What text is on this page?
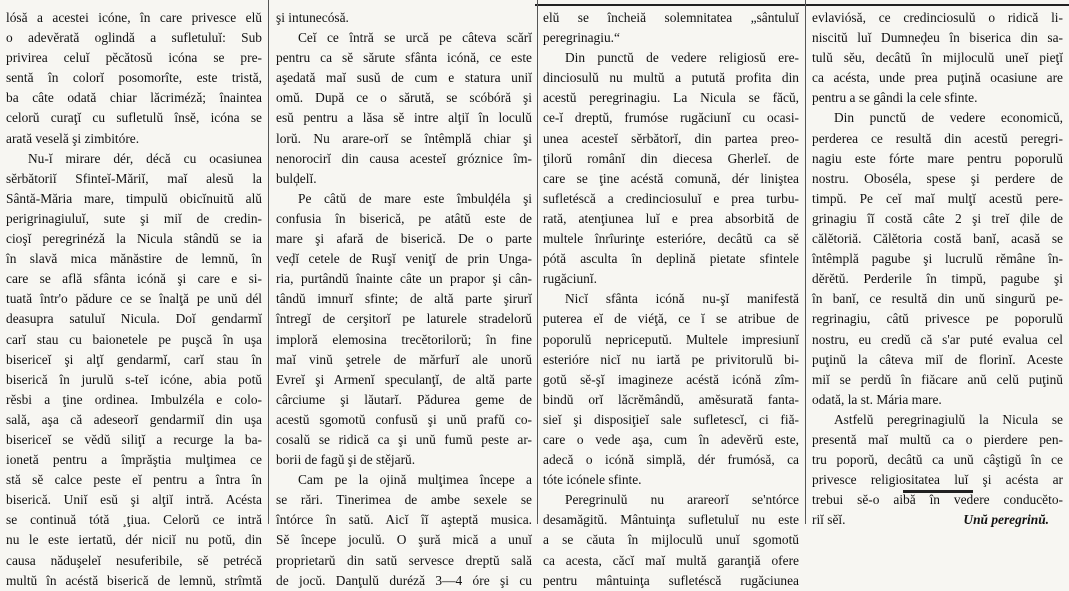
lósă a acestei icóne, în care privesce elŭ
o adevĕrată oglindă a sufletuluĭ: Sub
privirea celuĭ pĕcătosŭ icóna se pre-
sentă în colorĭ posomorîte, este tristă,
ba câte odată chiar lăcrimézǎ; înaintea
celorŭ curaţĭ cu sufletulŭ însĕ, icóna se
arată veselă şi zimbitóre.
Nu-ĭ mirare dér, décă cu ocasiunea
sĕrbătoriĭ Sfinteĭ-Măriĭ, maĭ alesŭ la
Sântă-Măria mare, timpulŭ obicĭnuitŭ alŭ
perigrinagiuluĭ, sute şi miĭ de credin-
cioşĭ peregrinézǎ la Nicula stândŭ se ia
în slavă mica mănăstire de lemnŭ, în
care se află sfânta icónă şi care e si-
tuată într'o pădure ce se înalţă pe unŭ dél
deasupra satuluĭ Nicula. Doĭ gendarmĭ
carĭ stau cu baionetele pe puşcă în uşa
bisericeĭ şi alţĭ gendarmĭ, carĭ stau în
biserică în jurulŭ s-teĭ icóne, abia potŭ
rĕsbi a ţine ordinea. Imbulzéla e colo-
sală, aşa că adeseorĭ gendarmiĭ din uşa
bisericeĭ se vĕdŭ siliţĭ a recurge la ba-
ionetă pentru a împrăştia mulţimea ce
stă sĕ calce peste eĭ pentru a întra în
biserică. Uniĭ esŭ şi alţiĭ intră. Acésta
se continuă tótă ¸ţiua. Celorŭ ce intră
nu le este iertatŭ, dér niciĭ nu potŭ, din
causa năduşeleĭ nesuferibile, sĕ petrécă
multŭ în acéstă biserică de lemnŭ, strîmtă
şi intunecósă.
Ceĭ ce întră se urcă pe câteva scărĭ
pentru ca sĕ sărute sfânta icónă, ce este
aşedată maĭ susŭ de cum e statura uniĭ
omŭ. După ce o sărută, se scóbóră şi
esŭ pentru a lăsa sĕ intre alţiĭ în loculŭ
lorŭ. Nu arare-orĭ se întêmplă chiar şi
nenorocirĭ din causa acesteĭ gróznice îm-
bulḑelĭ.
Pe câtŭ de mare este îmbulḑéla şi
confusia în biserică, pe atâtŭ este de
mare şi afară de biserică. De o parte
veḑĭ cetele de Ruşĭ veniţĭ de prin Unga-
ria, purtândŭ înainte câte un prapor şi cân-
tândŭ imnurĭ sfinte; de altă parte şirurĭ
întregĭ de cerşitorĭ pe laturele stradelorŭ
imploră elemosina trecĕtorilorŭ; în fine
maĭ vinŭ şetrele de mărfurĭ ale unorŭ
Evreĭ şi Armenĭ speculanţĭ, de altă parte
cârciume şi lăutarĭ. Pădurea geme de
acestŭ sgomotŭ confusŭ şi unŭ prafŭ co-
cosalŭ se ridică ca şi unŭ fumŭ peste ar-
borii de fagŭ şi de stějarŭ.
Cam pe la ojină mulţimea începe a
se rări. Tinerimea de ambe sexele se
întórce în satŭ. Aicĭ îĭ aşteptă musica.
Sĕ începe joculŭ. O şură mică a unuĭ
proprietarŭ din satŭ servesce dreptŭ sală
de jocŭ. Danţulŭ durézǎ 3—4 óre şi cu
elŭ se încheiă solemnitatea „sântuluĭ
peregrinagiu.“
Din punctŭ de vedere religiosŭ ere-
dinciosulŭ nu multŭ a putută profita din
acestŭ peregrinagiu. La Nicula se făcŭ,
ce-ĭ dreptŭ, frumóse rugăciunĭ cu ocasi-
unea acesteĭ sĕrbătorĭ, din partea preo-
ţilorŭ românĭ din diecesa Gherleĭ. de
care se ţine acéstă comună, dér liniştea
sufletéscă a credinciosuluĭ e prea turbu-
rată, atenţiunea luĭ e prea absorbită de
multele înrîurinţe esterióre, decâtŭ ca sĕ
pótă asculta în deplină pietate sfintele
rugăciunĭ.
Nicĭ sfânta icónă nu-şĭ manifestă
puterea eĭ de viéţă, ce ĭ se atribue de
poporulŭ nepriceputŭ. Multele impresiunĭ
esterióre nicĭ nu iartă pe privitorulŭ bi-
gotŭ sĕ-şĭ imagineze acéstă icónă zîm-
bindŭ orĭ lăcrĕmândŭ, amĕsurată fanta-
sieĭ şi disposiţieĭ sale sufletescĭ, ci fiă-
care o vede aşa, cum în adevĕrŭ este,
adecă o icónă simplă, dér frumósă, ca
tóte icónele sfinte.
Peregrinulŭ nu arareorĭ se'ntórce
desamăgitŭ. Mântuinţa sufletuluĭ nu este
a se căuta în mijloculŭ unuĭ sgomotŭ
ca acesta, căcĭ maĭ multă garanţiă ofere
pentru mântuinţa sufletéscă rugăciunea
evlaviósă, ce credinciosulŭ o ridică li-
niscitŭ luĭ Dumneḑeu în biserica din sa-
tulŭ sĕu, decâtŭ în mijloculŭ uneĭ pieţĭ
ca acésta, unde prea puţină ocasiune are
pentru a se gândi la cele sfinte.
Din punctŭ de vedere economicŭ,
perderea ce resultă din acestŭ peregri-
nagiu este fórte mare pentru poporulŭ
nostru. Oboséla, spese şi perdere de
timpŭ. Pe ceĭ maĭ mulţĭ acestŭ pere-
grinagiu îĭ costă câte 2 şi treĭ ḑile de
călĕtoriă. Călĕtoria costă banĭ, acasă se
întêmplă pagube şi lucrulŭ rĕmâne în-
dĕrĕtŭ. Perderile în timpŭ, pagube şi
în banĭ, ce resultă din unŭ singurŭ pe-
regrinagiu, câtŭ privesce pe poporulŭ
nostru, eu credŭ că s'ar puté evalua cel
puţinŭ la câteva miĭ de florinĭ. Aceste
miĭ se perdŭ în fiăcare anŭ celŭ puţinŭ
odată, la st. Mária mare.
Astfelŭ peregrinagiulŭ la Nicula se
presentă maĭ multŭ ca o pierdere pen-
tru poporŭ, decâtŭ ca unŭ câştigŭ în ce
privesce religiositatea luĭ şi acésta ar
trebui sĕ-o aibă în vedere conducĕto-
riĭ sĕĭ.	Unŭ peregrinŭ.
